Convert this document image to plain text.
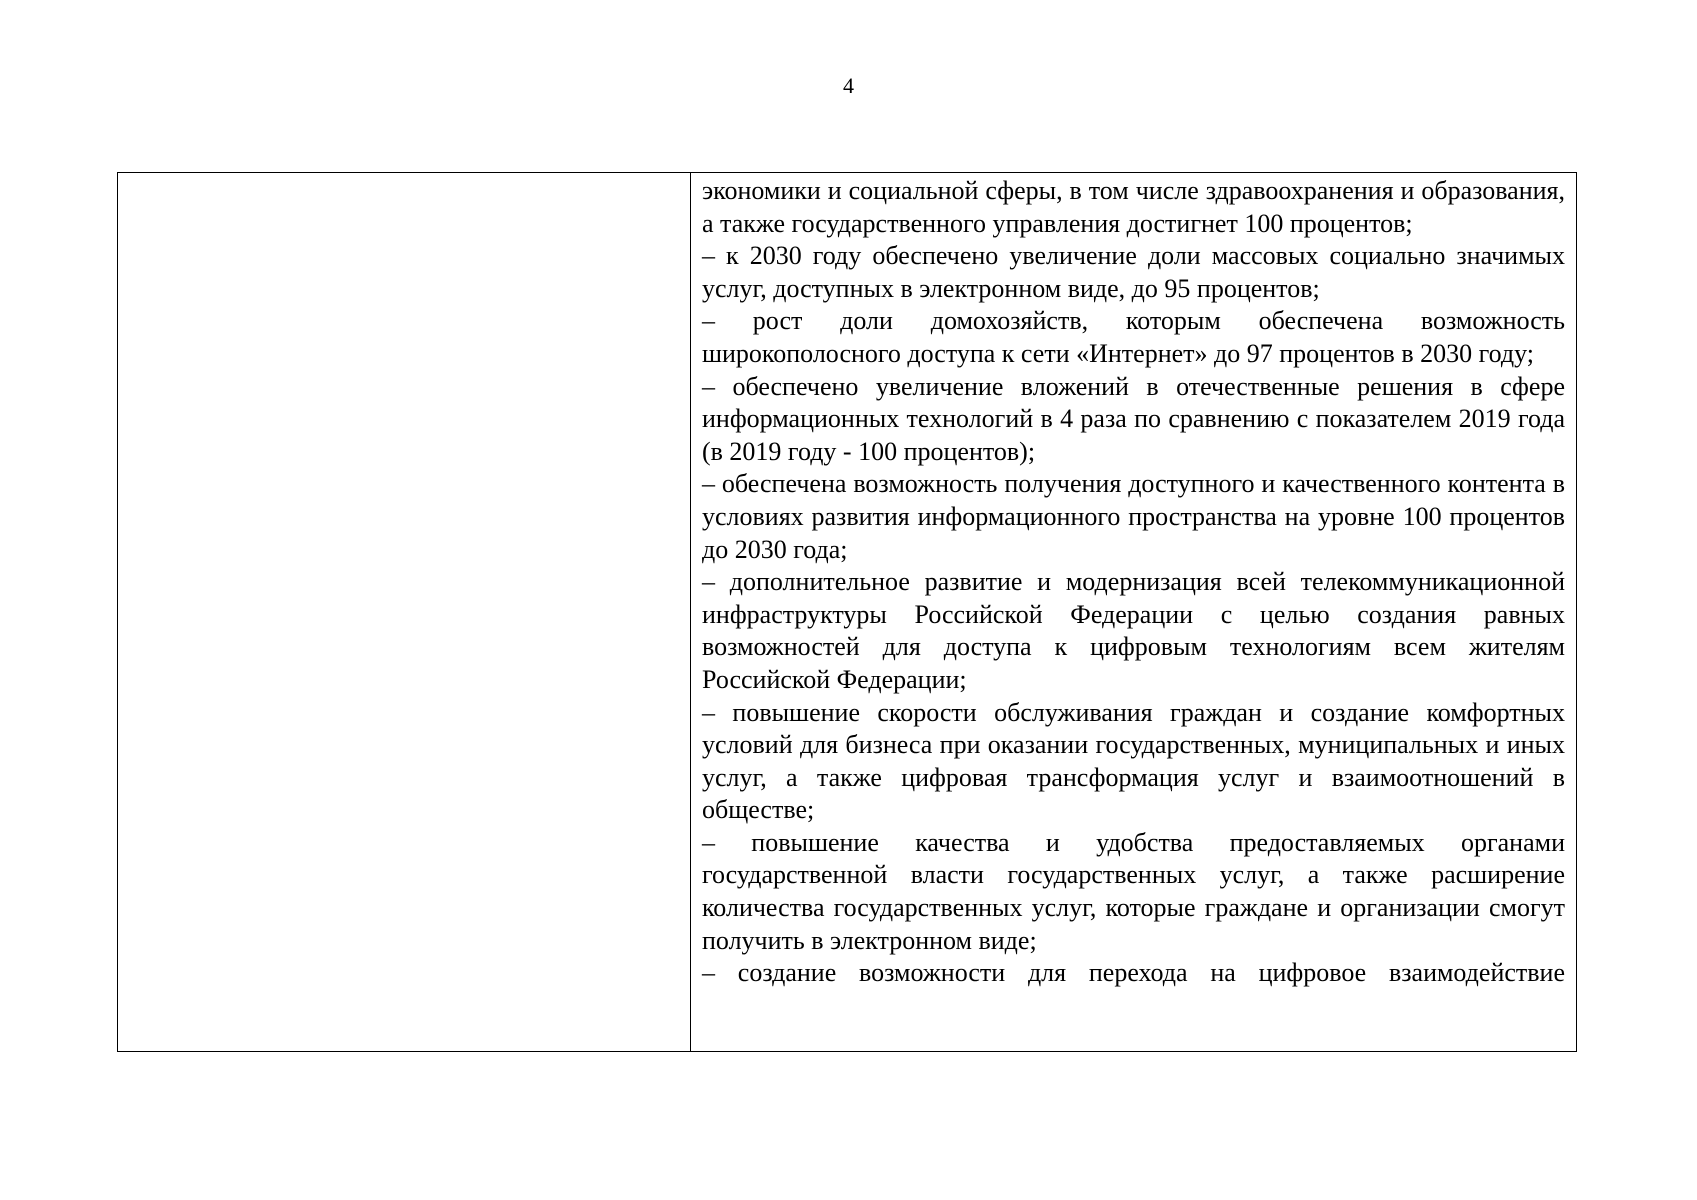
4

экономики и социальной сферы, в том числе здравоохранения и образования, а также государственного управления достигнет 100 процентов;

– к 2030 году обеспечено увеличение доли массовых социально значимых услуг, доступных в электронном виде, до 95 процентов;

– рост доли домохозяйств, которым обеспечена возможность широкополосного доступа к сети «Интернет» до 97 процентов в 2030 году;

– обеспечено увеличение вложений в отечественные решения в сфере информационных технологий в 4 раза по сравнению с показателем 2019 года (в 2019 году - 100 процентов);

– обеспечена возможность получения доступного и качественного контента в условиях развития информационного пространства на уровне 100 процентов до 2030 года;

– дополнительное развитие и модернизация всей телекоммуникационной инфраструктуры Российской Федерации с целью создания равных возможностей для доступа к цифровым технологиям всем жителям Российской Федерации;

– повышение скорости обслуживания граждан и создание комфортных условий для бизнеса при оказании государственных, муниципальных и иных услуг, а также цифровая трансформация услуг и взаимоотношений в обществе;

– повышение качества и удобства предоставляемых органами государственной власти государственных услуг, а также расширение количества государственных услуг, которые граждане и организации смогут получить в электронном виде;

– создание возможности для перехода на цифровое взаимодействие
